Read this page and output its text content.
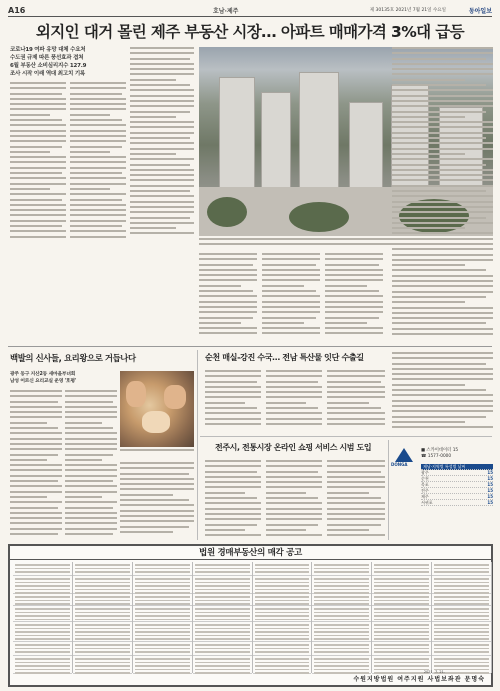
A16	호남·제주	제 30135호 2021년 7월 21일 수요일	동아일보
외지인 대거 몰린 제주 부동산 시장… 아파트 매매가격 3%대 급등
코로나19 여파 유망 대체 수요처
수도권 규제 따른 풍선효과 겹쳐
6월 부동산 소비심리지수 127.9
조사 시작 이래 역대 최고치 기록
백발의 신사들, 요리왕으로 거듭나다
광주 동구 지산2동 새마을부녀회
남성 어르신 요리교실 운영 '호평'
순천 매실-강진 수국… 전남 특산물 잇단 수출길
전주시, 전통시장 온라인 쇼핑 서비스 시범 도입
DONGA
■ 스카이데이터 15
☎ 1577-0000
제남·지역별 특성별 날씨
광주	15
순천	15
목포	15
전주	15
제주	15
서귀포	15
법원 경매부동산의 매각 공고
2021. 7. 21.
수원지방법원 여주지원 사법보좌관 문명숙
